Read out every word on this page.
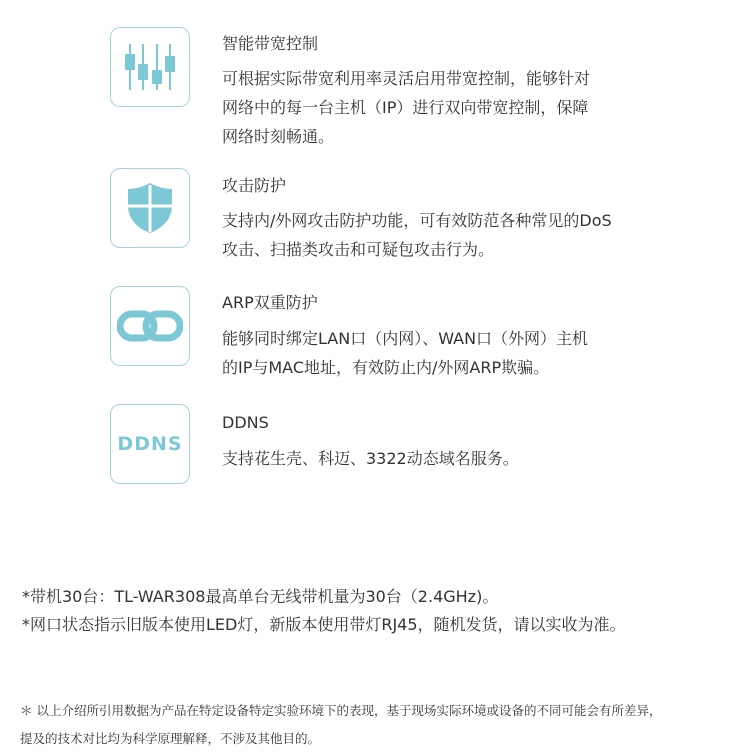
智能带宽控制
可根据实际带宽利用率灵活启用带宽控制，能够针对
网络中的每一台主机（IP）进行双向带宽控制，保障
网络时刻畅通。
攻击防护
支持内/外网攻击防护功能，可有效防范各种常见的DoS
攻击、扫描类攻击和可疑包攻击行为。
ARP双重防护
能够同时绑定LAN口（内网）、WAN口（外网）主机
的IP与MAC地址，有效防止内/外网ARP欺骗。
DDNS
DDNS
支持花生壳、科迈、3322动态域名服务。
*带机30台：TL-WAR308最高单台无线带机量为30台（2.4GHz)。
*网口状态指示旧版本使用LED灯，新版本使用带灯RJ45，随机发货，请以实收为准。
＊ 以上介绍所引用数据为产品在特定设备特定实验环境下的表现，基于现场实际环境或设备的不同可能会有所差异，
提及的技术对比均为科学原理解释，不涉及其他目的。
